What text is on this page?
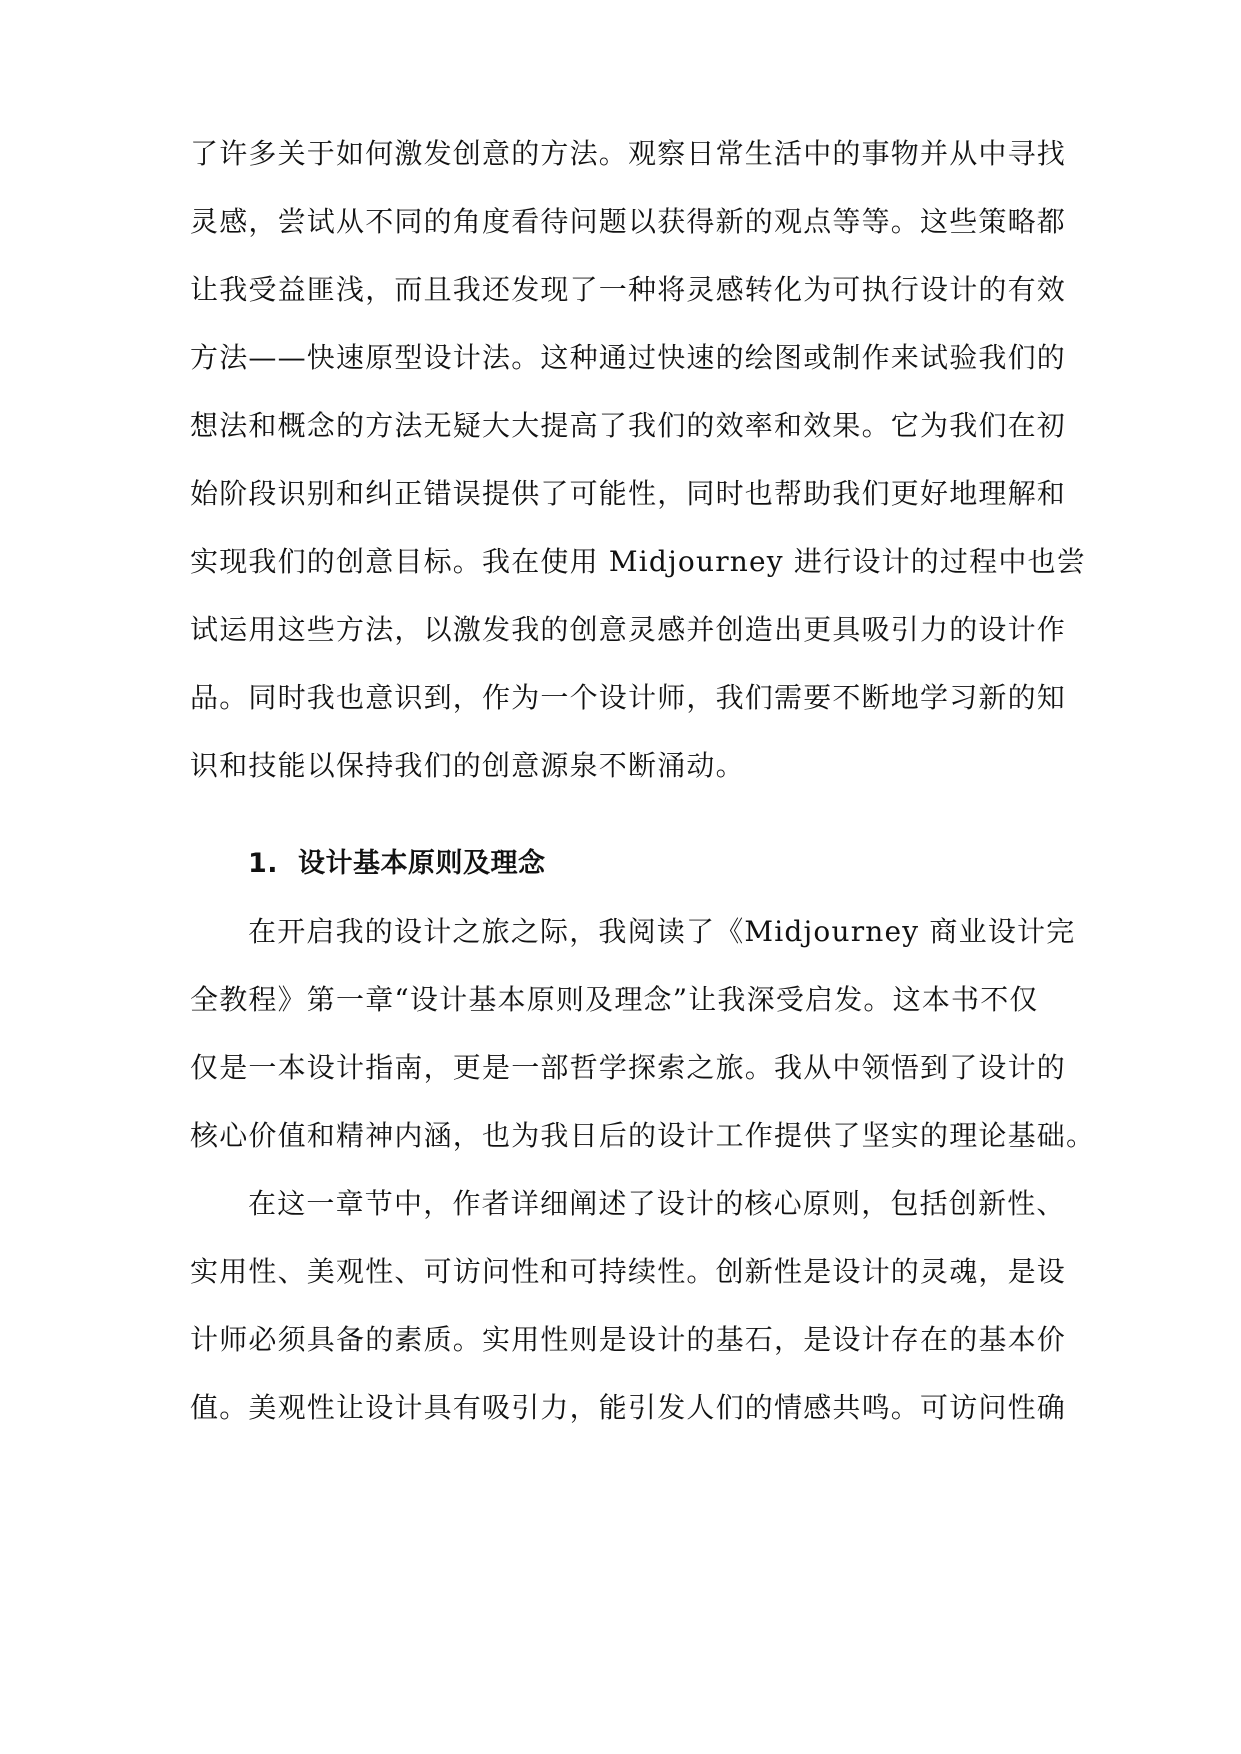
了许多关于如何激发创意的方法。观察日常生活中的事物并从中寻找
灵感，尝试从不同的角度看待问题以获得新的观点等等。这些策略都
让我受益匪浅，而且我还发现了一种将灵感转化为可执行设计的有效
方法——快速原型设计法。这种通过快速的绘图或制作来试验我们的
想法和概念的方法无疑大大提高了我们的效率和效果。它为我们在初
始阶段识别和纠正错误提供了可能性，同时也帮助我们更好地理解和
实现我们的创意目标。我在使用 Midjourney 进行设计的过程中也尝
试运用这些方法，以激发我的创意灵感并创造出更具吸引力的设计作
品。同时我也意识到，作为一个设计师，我们需要不断地学习新的知
识和技能以保持我们的创意源泉不断涌动。
1. 设计基本原则及理念
在开启我的设计之旅之际，我阅读了《Midjourney 商业设计完
全教程》第一章“设计基本原则及理念”让我深受启发。这本书不仅
仅是一本设计指南，更是一部哲学探索之旅。我从中领悟到了设计的
核心价值和精神内涵，也为我日后的设计工作提供了坚实的理论基础。
在这一章节中，作者详细阐述了设计的核心原则，包括创新性、
实用性、美观性、可访问性和可持续性。创新性是设计的灵魂，是设
计师必须具备的素质。实用性则是设计的基石，是设计存在的基本价
值。美观性让设计具有吸引力，能引发人们的情感共鸣。可访问性确
